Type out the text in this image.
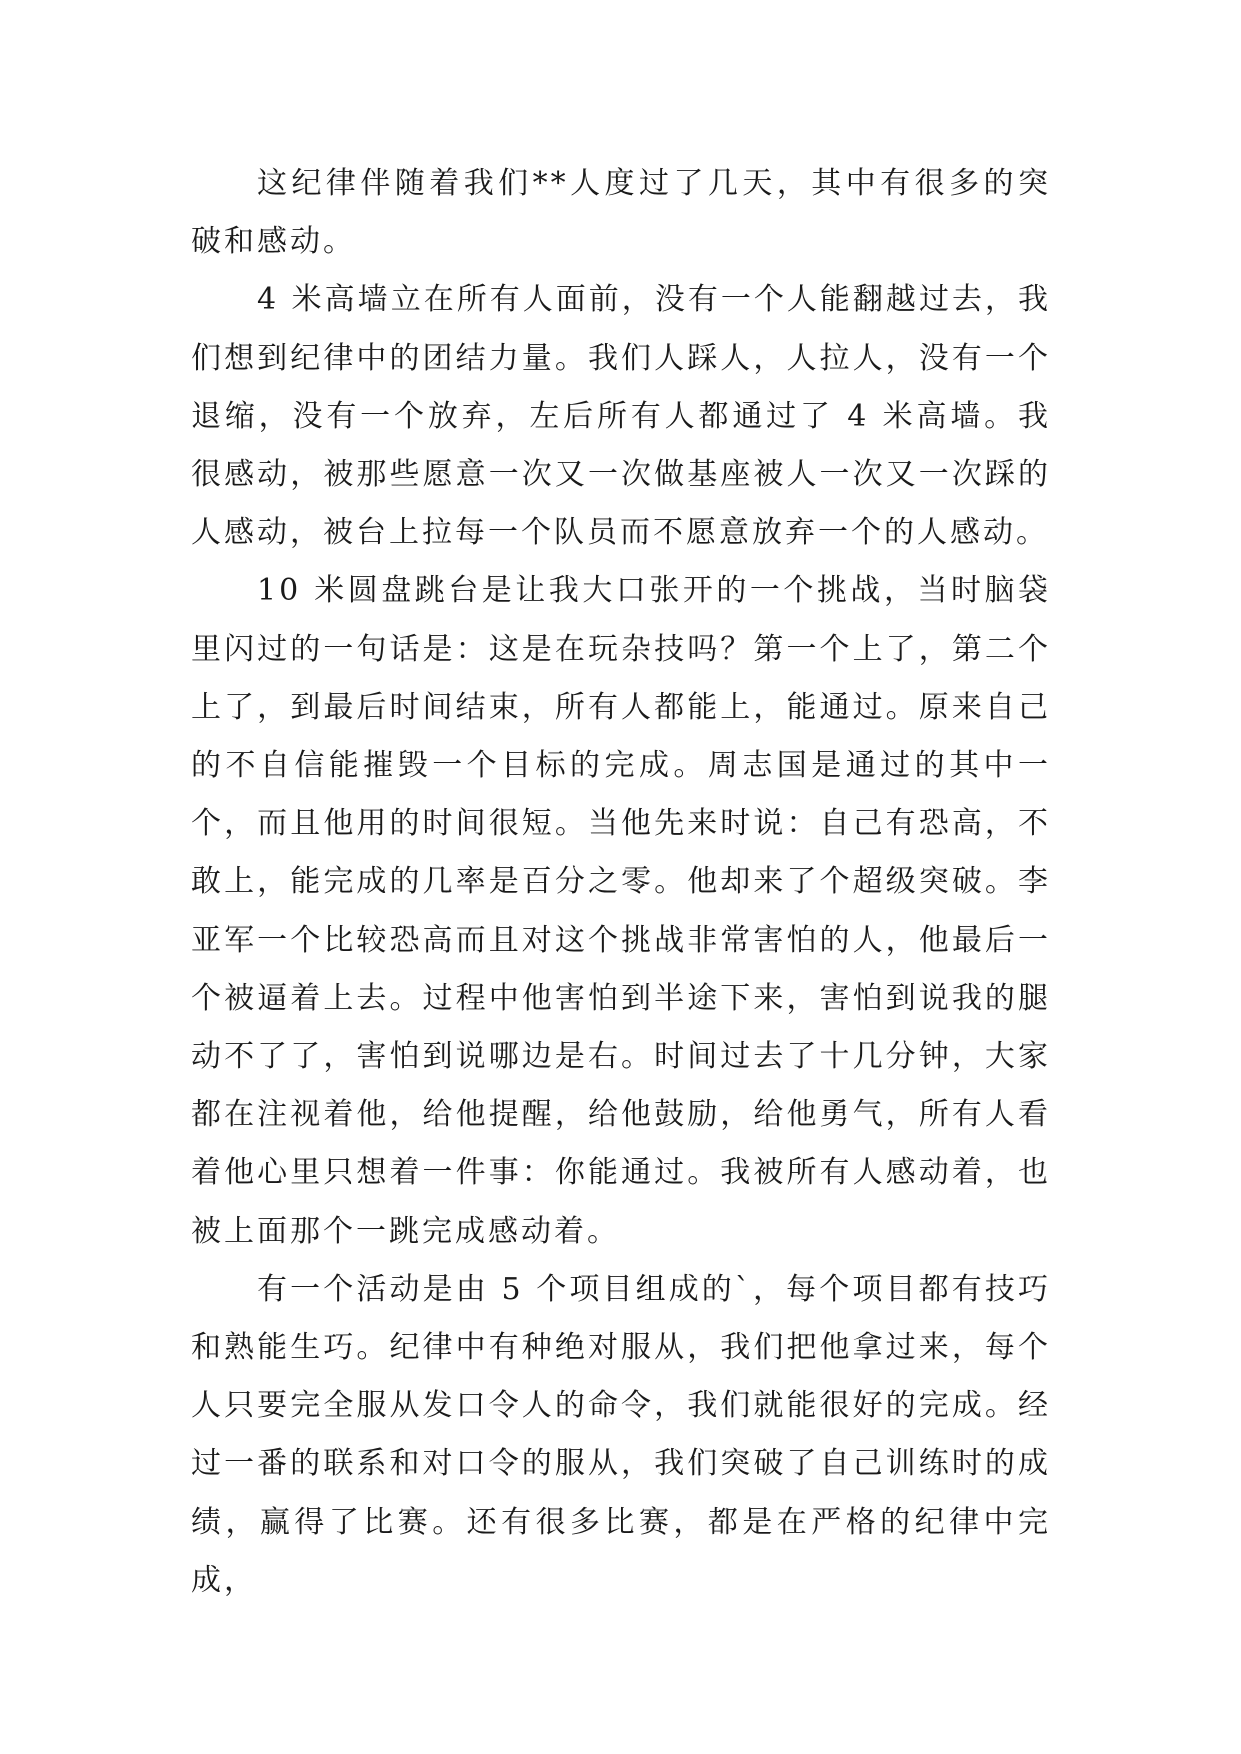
这纪律伴随着我们**人度过了几天，其中有很多的突破和感动。

4 米高墙立在所有人面前，没有一个人能翻越过去，我们想到纪律中的团结力量。我们人踩人，人拉人，没有一个退缩，没有一个放弃，左后所有人都通过了 4 米高墙。我很感动，被那些愿意一次又一次做基座被人一次又一次踩的人感动，被台上拉每一个队员而不愿意放弃一个的人感动。

10 米圆盘跳台是让我大口张开的一个挑战，当时脑袋里闪过的一句话是：这是在玩杂技吗？第一个上了，第二个上了，到最后时间结束，所有人都能上，能通过。原来自己的不自信能摧毁一个目标的完成。周志国是通过的其中一个，而且他用的时间很短。当他先来时说：自己有恐高，不敢上，能完成的几率是百分之零。他却来了个超级突破。李亚军一个比较恐高而且对这个挑战非常害怕的人，他最后一个被逼着上去。过程中他害怕到半途下来，害怕到说我的腿动不了了，害怕到说哪边是右。时间过去了十几分钟，大家都在注视着他，给他提醒，给他鼓励，给他勇气，所有人看着他心里只想着一件事：你能通过。我被所有人感动着，也被上面那个一跳完成感动着。

有一个活动是由 5 个项目组成的`，每个项目都有技巧和熟能生巧。纪律中有种绝对服从，我们把他拿过来，每个人只要完全服从发口令人的命令，我们就能很好的完成。经过一番的联系和对口令的服从，我们突破了自己训练时的成绩，赢得了比赛。还有很多比赛，都是在严格的纪律中完成，
